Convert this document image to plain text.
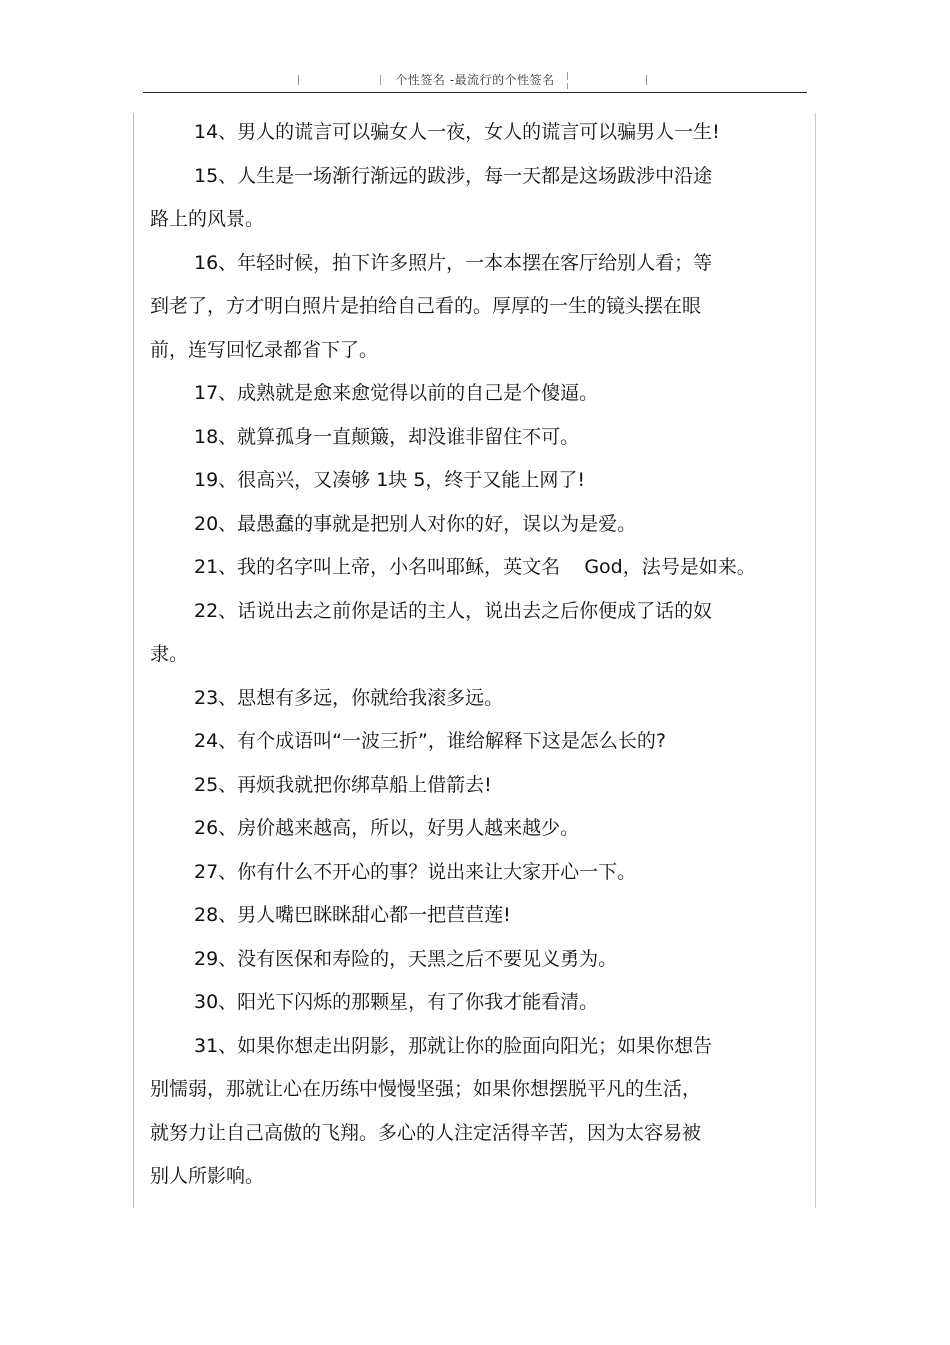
个性签名 -最流行的个性签名
14、男人的谎言可以骗女人一夜，女人的谎言可以骗男人一生!
15、人生是一场渐行渐远的跋涉，每一天都是这场跋涉中沿途
路上的风景。
16、年轻时候，拍下许多照片，一本本摆在客厅给别人看；等
到老了，方才明白照片是拍给自己看的。厚厚的一生的镜头摆在眼
前，连写回忆录都省下了。
17、成熟就是愈来愈觉得以前的自己是个傻逼。
18、就算孤身一直颠簸，却没谁非留住不可。
19、很高兴，又凑够 1块 5，终于又能上网了!
20、最愚蠢的事就是把别人对你的好，误以为是爱。
21、我的名字叫上帝，小名叫耶稣，英文名    God，法号是如来。
22、话说出去之前你是话的主人，说出去之后你便成了话的奴
隶。
23、思想有多远，你就给我滚多远。
24、有个成语叫“一波三折”，谁给解释下这是怎么长的?
25、再烦我就把你绑草船上借箭去!
26、房价越来越高，所以，好男人越来越少。
27、你有什么不开心的事？说出来让大家开心一下。
28、男人嘴巴眯眯甜心都一把苣苣莲!
29、没有医保和寿险的，天黑之后不要见义勇为。
30、阳光下闪烁的那颗星，有了你我才能看清。
31、如果你想走出阴影，那就让你的脸面向阳光；如果你想告
别懦弱，那就让心在历练中慢慢坚强；如果你想摆脱平凡的生活，
就努力让自己高傲的飞翔。多心的人注定活得辛苦，因为太容易被
别人所影响。
